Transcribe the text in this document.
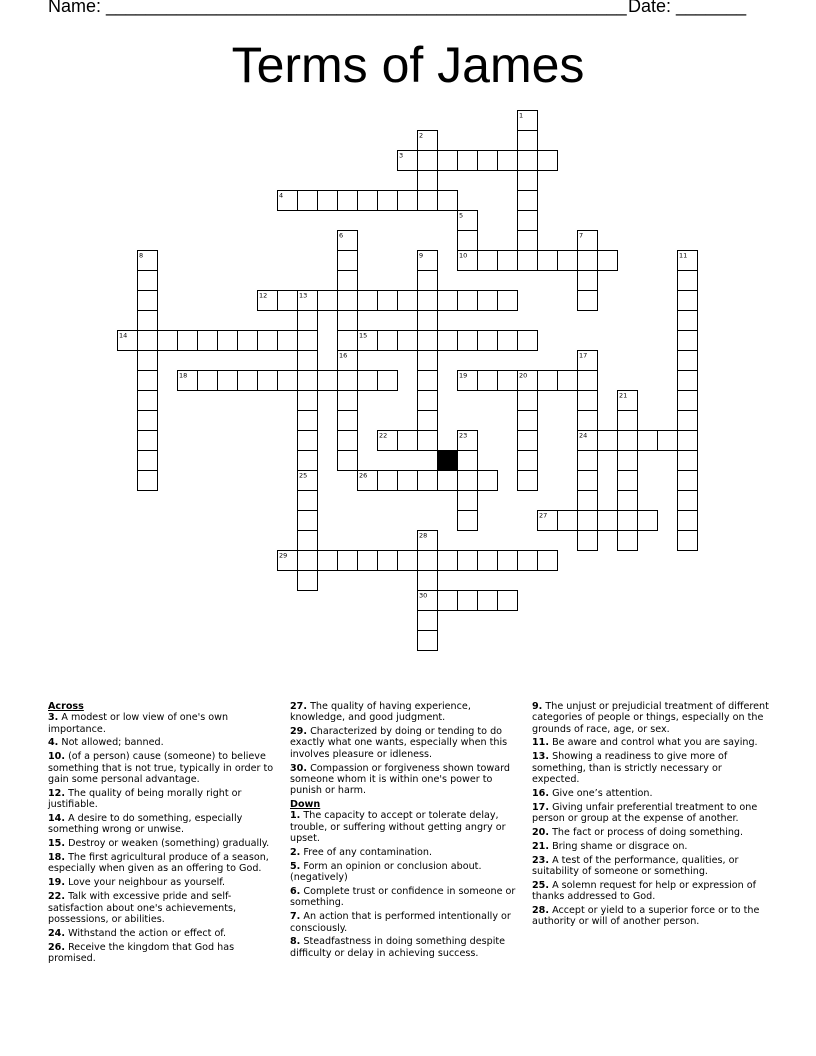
Name: ____________________________________________________ Date: _______
Terms of James
1
2
3
4
5
6	7
8	9	10	11
12	13
14	15
16	17
18	19	20
21
22	23	24
25	26
27
28
29
30
Across
3. A modest or low view of one's own importance.
4. Not allowed; banned.
10. (of a person) cause (someone) to believe something that is not true, typically in order to gain some personal advantage.
12. The quality of being morally right or justifiable.
14. A desire to do something, especially something wrong or unwise.
15. Destroy or weaken (something) gradually.
18. The first agricultural produce of a season, especially when given as an offering to God.
19. Love your neighbour as yourself.
22. Talk with excessive pride and self-satisfaction about one's achievements, possessions, or abilities.
24. Withstand the action or effect of.
26. Receive the kingdom that God has promised.
27. The quality of having experience, knowledge, and good judgment.
29. Characterized by doing or tending to do exactly what one wants, especially when this involves pleasure or idleness.
30. Compassion or forgiveness shown toward someone whom it is within one's power to punish or harm.
Down
1. The capacity to accept or tolerate delay, trouble, or suffering without getting angry or upset.
2. Free of any contamination.
5. Form an opinion or conclusion about. (negatively)
6. Complete trust or confidence in someone or something.
7. An action that is performed intentionally or consciously.
8. Steadfastness in doing something despite difficulty or delay in achieving success.
9. The unjust or prejudicial treatment of different categories of people or things, especially on the grounds of race, age, or sex.
11. Be aware and control what you are saying.
13. Showing a readiness to give more of something, than is strictly necessary or expected.
16. Give one’s attention.
17. Giving unfair preferential treatment to one person or group at the expense of another.
20. The fact or process of doing something.
21. Bring shame or disgrace on.
23. A test of the performance, qualities, or suitability of someone or something.
25. A solemn request for help or expression of thanks addressed to God.
28. Accept or yield to a superior force or to the authority or will of another person.
